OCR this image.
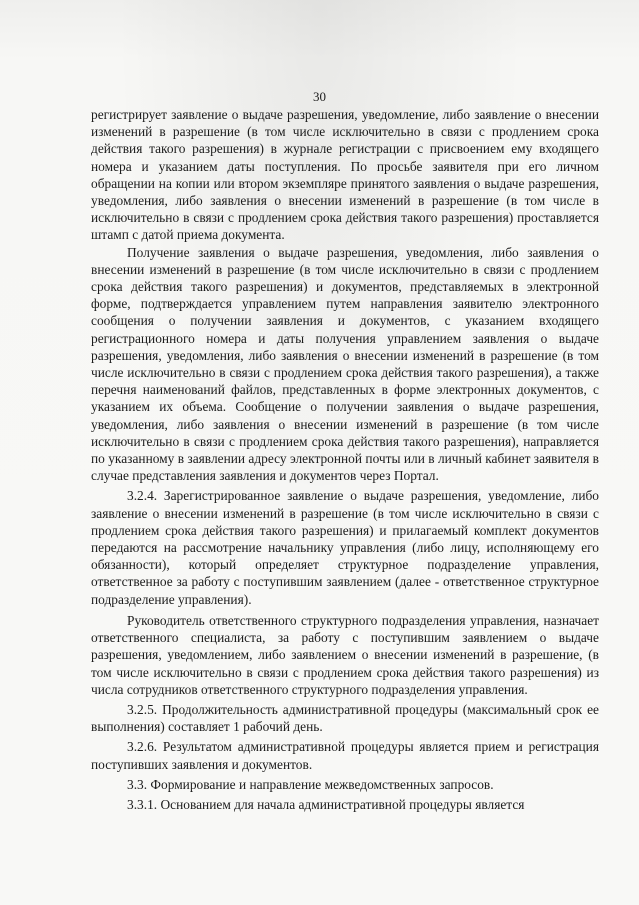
30

регистрирует заявление о выдаче разрешения, уведомление, либо заявление о внесении изменений в разрешение (в том числе исключительно в связи с продлением срока действия такого разрешения) в журнале регистрации с присвоением ему входящего номера и указанием даты поступления. По просьбе заявителя при его личном обращении на копии или втором экземпляре принятого заявления о выдаче разрешения, уведомления, либо заявления о внесении изменений в разрешение (в том числе в исключительно в связи с продлением срока действия такого разрешения) проставляется штамп с датой приема документа.

Получение заявления о выдаче разрешения, уведомления, либо заявления о внесении изменений в разрешение (в том числе исключительно в связи с продлением срока действия такого разрешения) и документов, представляемых в электронной форме, подтверждается управлением путем направления заявителю электронного сообщения о получении заявления и документов, с указанием входящего регистрационного номера и даты получения управлением заявления о выдаче разрешения, уведомления, либо заявления о внесении изменений в разрешение (в том числе исключительно в связи с продлением срока действия такого разрешения), а также перечня наименований файлов, представленных в форме электронных документов, с указанием их объема. Сообщение о получении заявления о выдаче разрешения, уведомления, либо заявления о внесении изменений в разрешение (в том числе исключительно в связи с продлением срока действия такого разрешения), направляется по указанному в заявлении адресу электронной почты или в личный кабинет заявителя в случае представления заявления и документов через Портал.

3.2.4. Зарегистрированное заявление о выдаче разрешения, уведомление, либо заявление о внесении изменений в разрешение (в том числе исключительно в связи с продлением срока действия такого разрешения) и прилагаемый комплект документов передаются на рассмотрение начальнику управления (либо лицу, исполняющему его обязанности), который определяет структурное подразделение управления, ответственное за работу с поступившим заявлением (далее - ответственное структурное подразделение управления).

Руководитель ответственного структурного подразделения управления, назначает ответственного специалиста, за работу с поступившим заявлением о выдаче разрешения, уведомлением, либо заявлением о внесении изменений в разрешение, (в том числе исключительно в связи с продлением срока действия такого разрешения) из числа сотрудников ответственного структурного подразделения управления.

3.2.5. Продолжительность административной процедуры (максимальный срок ее выполнения) составляет 1 рабочий день.

3.2.6. Результатом административной процедуры является прием и регистрация поступивших заявления и документов.

3.3. Формирование и направление межведомственных запросов.

3.3.1. Основанием для начала административной процедуры является
